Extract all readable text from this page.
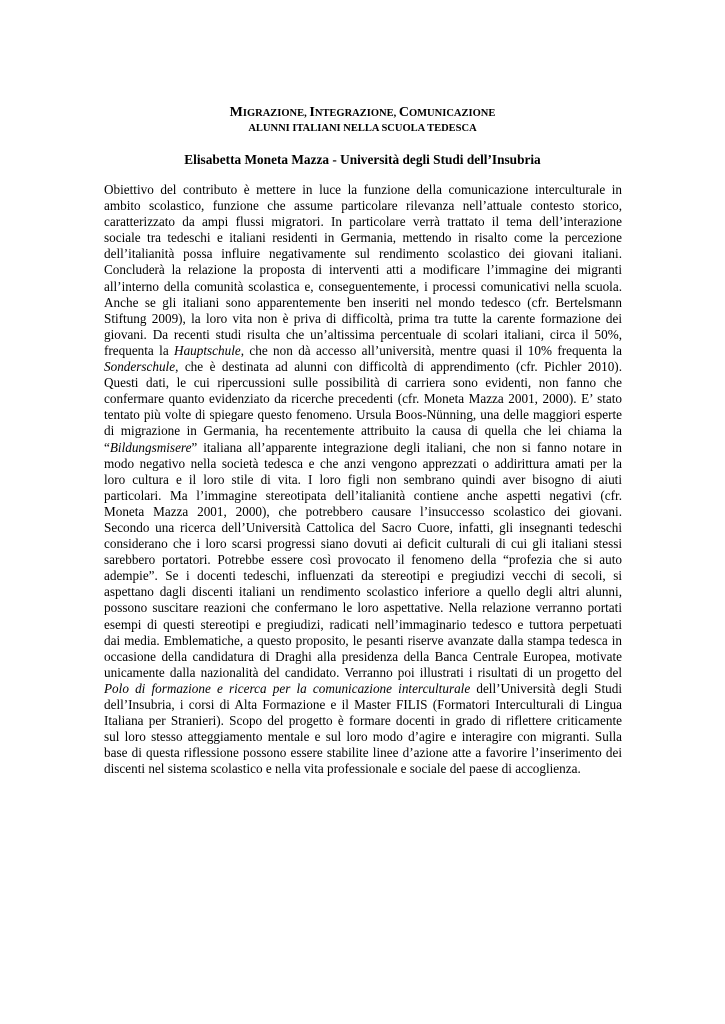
MIGRAZIONE, INTEGRAZIONE, COMUNICAZIONE
ALUNNI ITALIANI NELLA SCUOLA TEDESCA
Elisabetta Moneta Mazza - Università degli Studi dell’Insubria
Obiettivo del contributo è mettere in luce la funzione della comunicazione interculturale in
ambito scolastico, funzione che assume particolare rilevanza nell’attuale contesto storico,
caratterizzato da ampi flussi migratori. In particolare verrà trattato il tema dell’interazione
sociale tra tedeschi e italiani residenti in Germania, mettendo in risalto come la percezione
dell’italianità possa influire negativamente sul rendimento scolastico dei giovani italiani.
Concluderà la relazione la proposta di interventi atti a modificare l’immagine dei migranti
all’interno della comunità scolastica e, conseguentemente, i processi comunicativi nella scuola.
Anche se gli italiani sono apparentemente ben inseriti nel mondo tedesco (cfr. Bertelsmann
Stiftung 2009), la loro vita non è priva di difficoltà, prima tra tutte la carente formazione dei
giovani. Da recenti studi risulta che un’altissima percentuale di scolari italiani, circa il 50%,
frequenta la Hauptschule, che non dà accesso all’università, mentre quasi il 10% frequenta la
Sonderschule, che è destinata ad alunni con difficoltà di apprendimento (cfr. Pichler 2010).
Questi dati, le cui ripercussioni sulle possibilità di carriera sono evidenti, non fanno che
confermare quanto evidenziato da ricerche precedenti (cfr. Moneta Mazza 2001, 2000). E’ stato
tentato più volte di spiegare questo fenomeno. Ursula Boos-Nünning, una delle maggiori esperte
di migrazione in Germania, ha recentemente attribuito la causa di quella che lei chiama la
“Bildungsmisere” italiana all’apparente integrazione degli italiani, che non si fanno notare in
modo negativo nella società tedesca e che anzi vengono apprezzati o addirittura amati per la
loro cultura e il loro stile di vita. I loro figli non sembrano quindi aver bisogno di aiuti
particolari. Ma l’immagine stereotipata dell’italianità contiene anche aspetti negativi (cfr.
Moneta Mazza 2001, 2000), che potrebbero causare l’insuccesso scolastico dei giovani.
Secondo una ricerca dell’Università Cattolica del Sacro Cuore, infatti, gli insegnanti tedeschi
considerano che i loro scarsi progressi siano dovuti ai deficit culturali di cui gli italiani stessi
sarebbero portatori. Potrebbe essere così provocato il fenomeno della “profezia che si auto
adempie”. Se i docenti tedeschi, influenzati da stereotipi e pregiudizi vecchi di secoli, si
aspettano dagli discenti italiani un rendimento scolastico inferiore a quello degli altri alunni,
possono suscitare reazioni che confermano le loro aspettative. Nella relazione verranno portati
esempi di questi stereotipi e pregiudizi, radicati nell’immaginario tedesco e tuttora perpetuati
dai media. Emblematiche, a questo proposito, le pesanti riserve avanzate dalla stampa tedesca in
occasione della candidatura di Draghi alla presidenza della Banca Centrale Europea, motivate
unicamente dalla nazionalità del candidato. Verranno poi illustrati i risultati di un progetto del
Polo di formazione e ricerca per la comunicazione interculturale dell’Università degli Studi
dell’Insubria, i corsi di Alta Formazione e il Master FILIS (Formatori Interculturali di Lingua
Italiana per Stranieri). Scopo del progetto è formare docenti in grado di riflettere criticamente
sul loro stesso atteggiamento mentale e sul loro modo d’agire e interagire con migranti. Sulla
base di questa riflessione possono essere stabilite linee d’azione atte a favorire l’inserimento dei
discenti nel sistema scolastico e nella vita professionale e sociale del paese di accoglienza.
